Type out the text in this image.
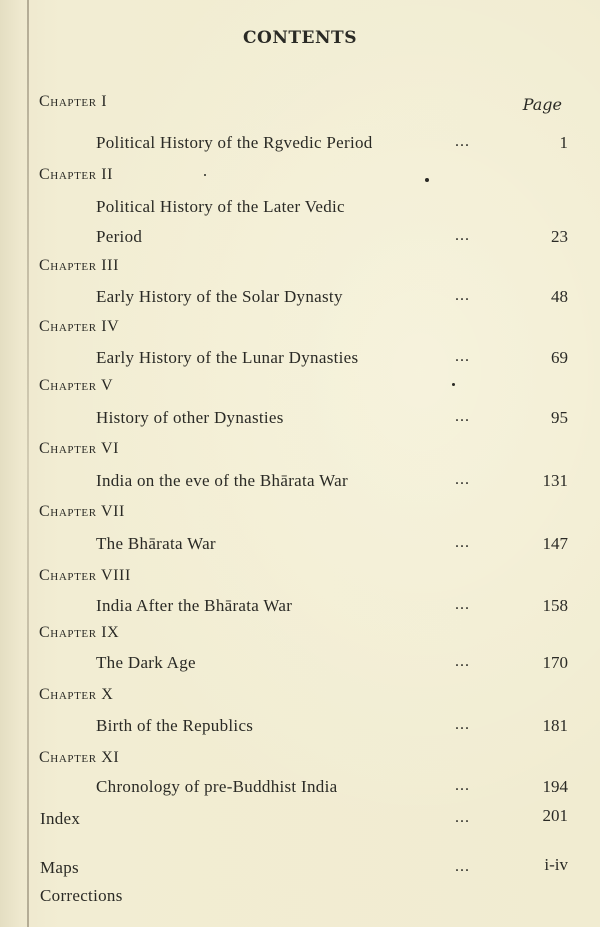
CONTENTS
Page
Chapter I
Political History of the Rgvedic Period	...	1
Chapter II
Political History of the Later Vedic
Period	...	23
Chapter III
Early History of the Solar Dynasty	...	48
Chapter IV
Early History of the Lunar Dynasties	...	69
Chapter V
History of other Dynasties	...	95
Chapter VI
India on the eve of the Bhārata War	...	131
Chapter VII
The Bhārata War	...	147
Chapter VIII
India After the Bhārata War	...	158
Chapter IX
The Dark Age	...	170
Chapter X
Birth of the Republics	...	181
Chapter XI
Chronology of pre-Buddhist India	...	194
Index	...	201
Maps	...	i-iv
Corrections
